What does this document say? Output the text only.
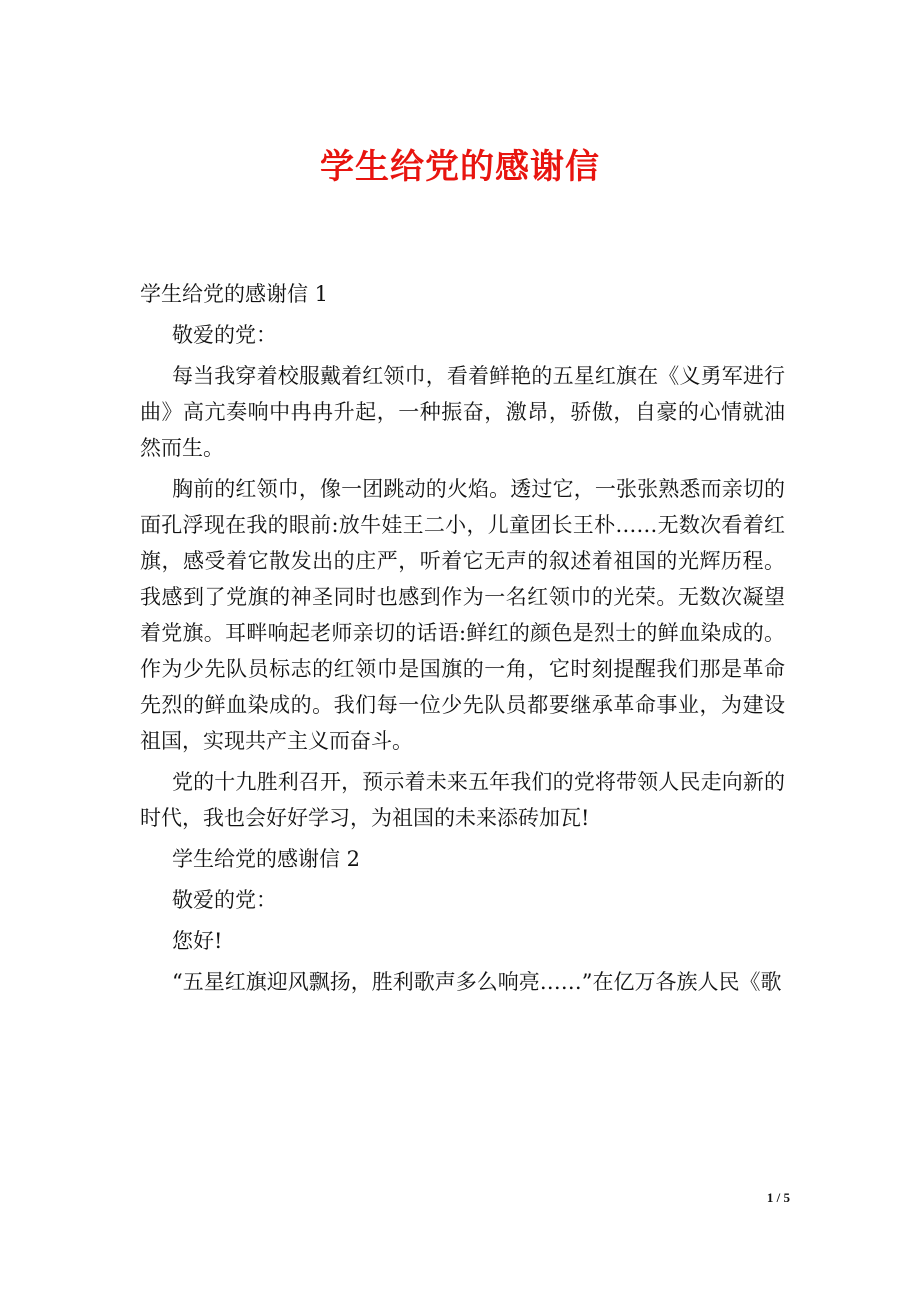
学生给党的感谢信

学生给党的感谢信 1

敬爱的党：

每当我穿着校服戴着红领巾，看着鲜艳的五星红旗在《义勇军进行曲》高亢奏响中冉冉升起，一种振奋，激昂，骄傲，自豪的心情就油然而生。

胸前的红领巾，像一团跳动的火焰。透过它，一张张熟悉而亲切的面孔浮现在我的眼前:放牛娃王二小，儿童团长王朴……无数次看着红旗，感受着它散发出的庄严，听着它无声的叙述着祖国的光辉历程。我感到了党旗的神圣同时也感到作为一名红领巾的光荣。无数次凝望着党旗。耳畔响起老师亲切的话语:鲜红的颜色是烈士的鲜血染成的。作为少先队员标志的红领巾是国旗的一角，它时刻提醒我们那是革命先烈的鲜血染成的。我们每一位少先队员都要继承革命事业，为建设祖国，实现共产主义而奋斗。

党的十九胜利召开，预示着未来五年我们的党将带领人民走向新的时代，我也会好好学习，为祖国的未来添砖加瓦!

学生给党的感谢信 2

敬爱的党：

您好!

“五星红旗迎风飘扬，胜利歌声多么响亮……”在亿万各族人民《歌

1 / 5
